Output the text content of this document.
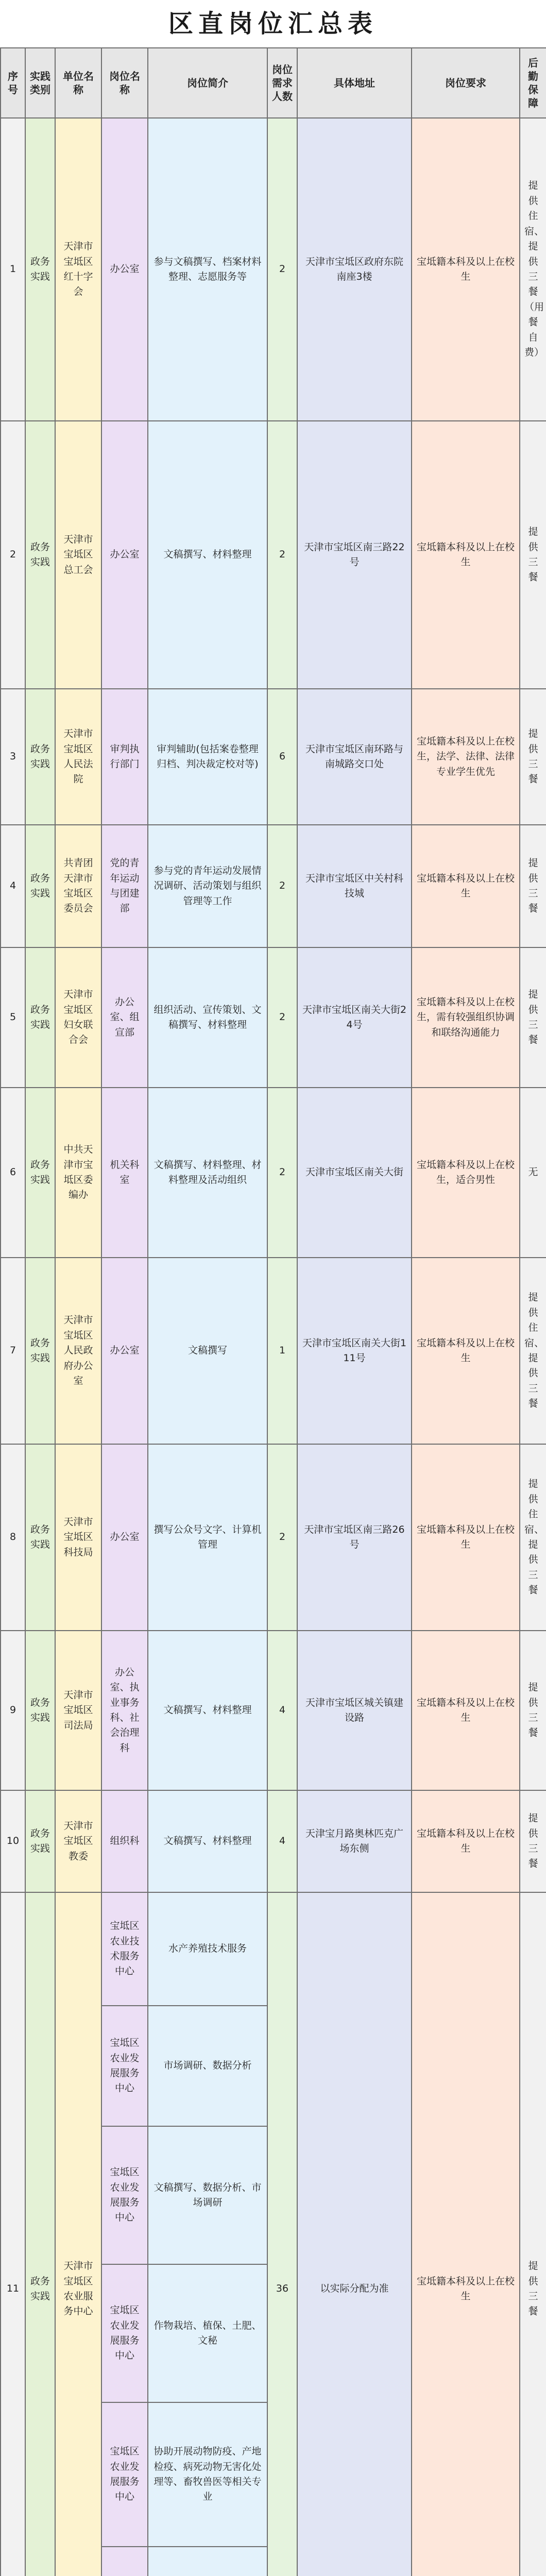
区直岗位汇总表
序号	实践类别	单位名称	岗位名称	岗位简介	岗位需求人数	具体地址	岗位要求	后勤保障
1	政务实践	天津市宝坻区红十字会	办公室	参与文稿撰写、档案材料整理、志愿服务等	2	天津市宝坻区政府东院南座3楼	宝坻籍本科及以上在校生	提供住宿、提供三餐（用餐自费）
2	政务实践	天津市宝坻区总工会	办公室	文稿撰写、材料整理	2	天津市宝坻区南三路22号	宝坻籍本科及以上在校生	提供三餐
3	政务实践	天津市宝坻区人民法院	审判执行部门	审判辅助(包括案卷整理归档、判决裁定校对等)	6	天津市宝坻区南环路与南城路交口处	宝坻籍本科及以上在校生，法学、法律、法律专业学生优先	提供三餐
4	政务实践	共青团天津市宝坻区委员会	党的青年运动与团建部	参与党的青年运动发展情况调研、活动策划与组织管理等工作	2	天津市宝坻区中关村科技城	宝坻籍本科及以上在校生	提供三餐
5	政务实践	天津市宝坻区妇女联合会	办公室、组宣部	组织活动、宣传策划、文稿撰写、材料整理	2	天津市宝坻区南关大街24号	宝坻籍本科及以上在校生，需有较强组织协调和联络沟通能力	提供三餐
6	政务实践	中共天津市宝坻区委编办	机关科室	文稿撰写、材料整理、材料整理及活动组织	2	天津市宝坻区南关大街	宝坻籍本科及以上在校生，适合男性	无
7	政务实践	天津市宝坻区人民政府办公室	办公室	文稿撰写	1	天津市宝坻区南关大街111号	宝坻籍本科及以上在校生	提供住宿、提供三餐
8	政务实践	天津市宝坻区科技局	办公室	撰写公众号文字、计算机管理	2	天津市宝坻区南三路26号	宝坻籍本科及以上在校生	提供住宿、提供三餐
9	政务实践	天津市宝坻区司法局	办公室、执业事务科、社会治理科	文稿撰写、材料整理	4	天津市宝坻区城关镇建设路	宝坻籍本科及以上在校生	提供三餐
10	政务实践	天津市宝坻区教委	组织科	文稿撰写、材料整理	4	天津宝月路奥林匹克广场东侧	宝坻籍本科及以上在校生	提供三餐
11	政务实践	天津市宝坻区农业服务中心	宝坻区农业技术服务中心	水产养殖技术服务	36	以实际分配为准	宝坻籍本科及以上在校生	提供三餐
			宝坻区农业发展服务中心	市场调研、数据分析				
			宝坻区农业发展服务中心	文稿撰写、数据分析、市场调研				
			宝坻区农业发展服务中心	作物栽培、植保、土肥、文秘				
			宝坻区农业发展服务中心	协助开展动物防疫、产地检疫、病死动物无害化处理等、畜牧兽医等相关专业				
